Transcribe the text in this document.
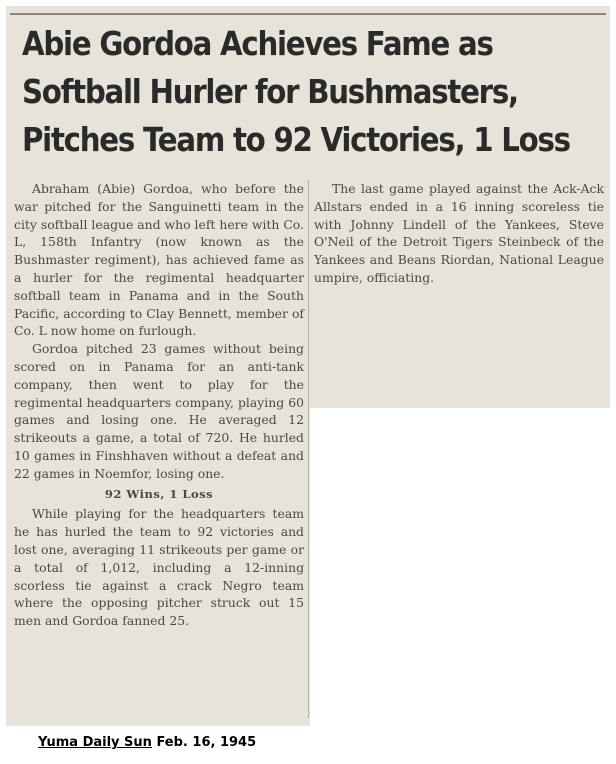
Abie Gordoa Achieves Fame as
Softball Hurler for Bushmasters,
Pitches Team to 92 Victories, 1 Loss

Abraham (Abie) Gordoa, who before the war pitched for the Sanguinetti team in the city softball league and who left here with Co. L, 158th Infantry (now known as the Bushmaster regiment), has achieved fame as a hurler for the regimental headquarter softball team in Panama and in the South Pacific, according to Clay Bennett, member of Co. L now home on furlough.

Gordoa pitched 23 games without being scored on in Panama for an anti-tank company, then went to play for the regimental headquarters company, playing 60 games and losing one. He averaged 12 strikeouts a game, a total of 720. He hurled 10 games in Finshhaven without a defeat and 22 games in Noemfor, losing one.

92 Wins, 1 Loss

While playing for the headquarters team he has hurled the team to 92 victories and lost one, averaging 11 strikeouts per game or a total of 1,012, including a 12-inning scorless tie against a crack Negro team where the opposing pitcher struck out 15 men and Gordoa fanned 25.

The last game played against the Ack-Ack Allstars ended in a 16 inning scoreless tie with Johnny Lindell of the Yankees, Steve O'Neil of the Detroit Tigers Steinbeck of the Yankees and Beans Riordan, National League umpire, officiating.

Yuma Daily Sun Feb. 16, 1945
